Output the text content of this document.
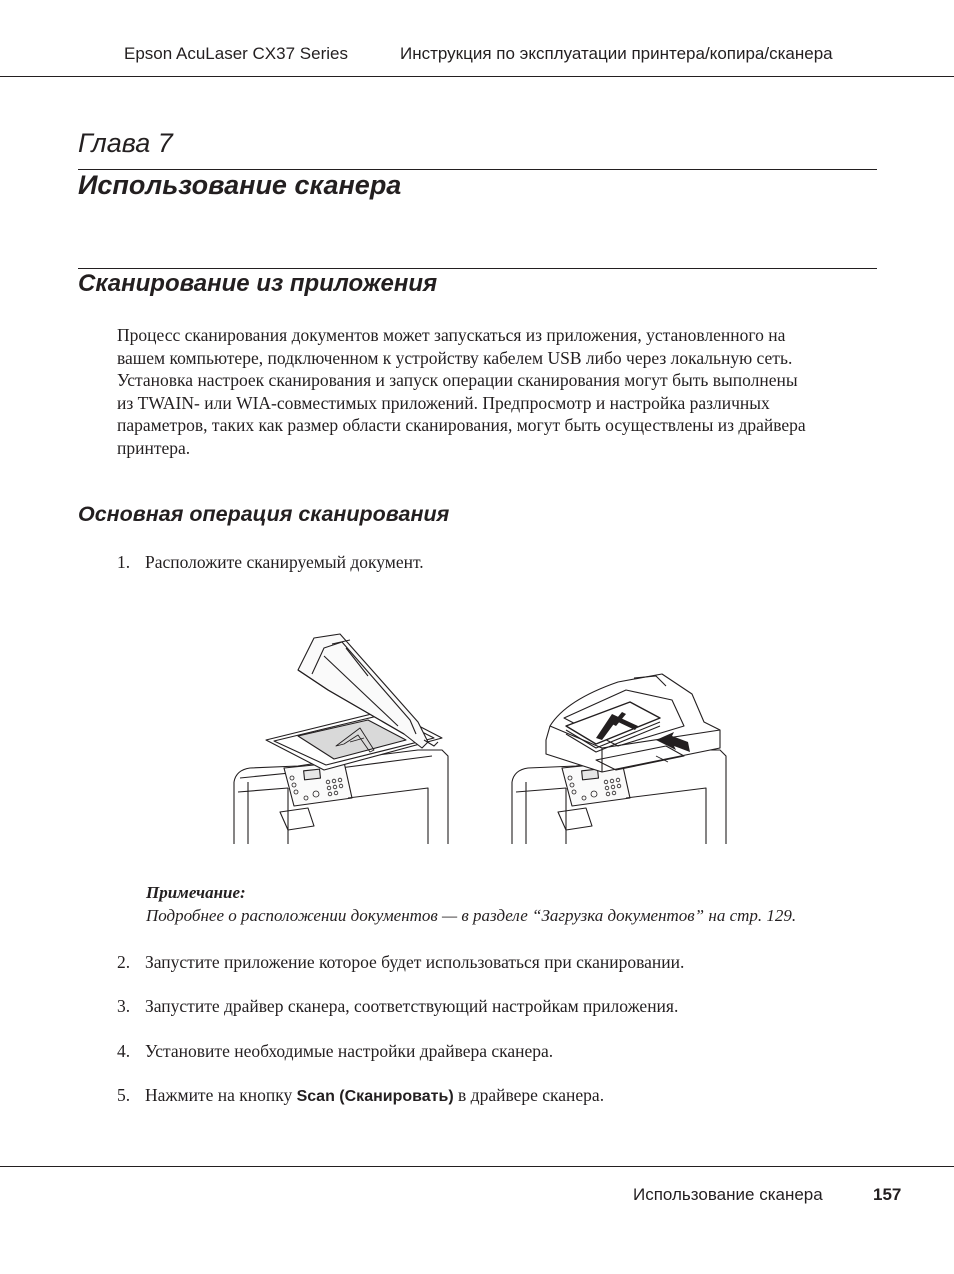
Epson AcuLaser CX37 Series	Инструкция по эксплуатации принтера/копира/сканера
Глава 7
Использование сканера
Сканирование из приложения
Процесс сканирования документов может запускаться из приложения, установленного на
вашем компьютере, подключенном к устройству кабелем USB либо через локальную сеть.
Установка настроек сканирования и запуск операции сканирования могут быть выполнены
из TWAIN- или WIA-совместимых приложений. Предпросмотр и настройка различных
параметров, таких как размер области сканирования, могут быть осуществлены из драйвера
принтера.
Основная операция сканирования
1. Расположите сканируемый документ.
Примечание:
Подробнее о расположении документов — в разделе “Загрузка документов” на стр. 129.
2. Запустите приложение которое будет использоваться при сканировании.
3. Запустите драйвер сканера, соответствующий настройкам приложения.
4. Установите необходимые настройки драйвера сканера.
5. Нажмите на кнопку Scan (Сканировать) в драйвере сканера.
Использование сканера	157
